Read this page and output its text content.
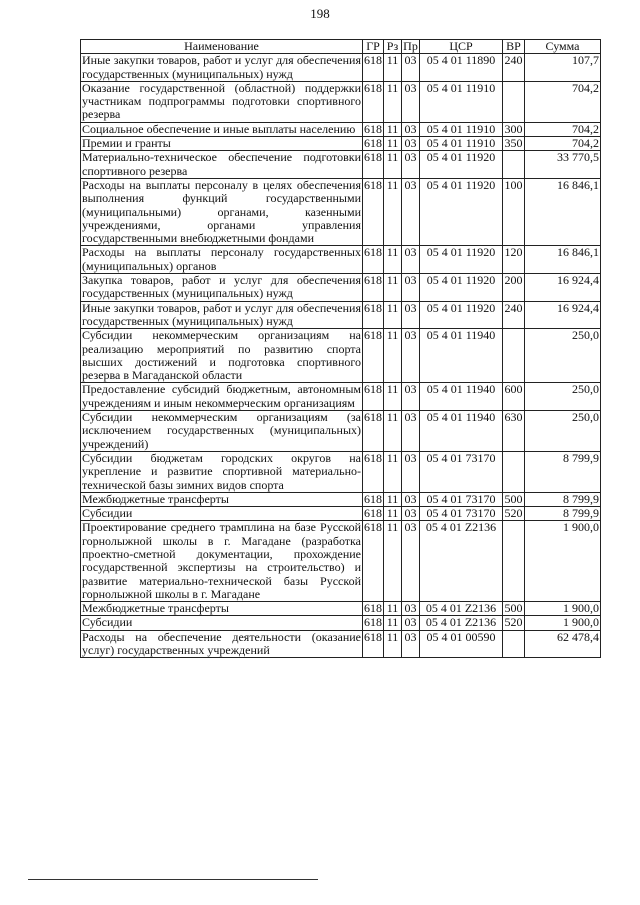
198
Наименование	ГР	Рз	Пр	ЦСР	ВР	Сумма
Иные закупки товаров, работ и услуг для обеспечения государственных (муниципальных) нужд	618	11	03	05 4 01 11890	240	107,7
Оказание государственной (областной) поддержки участникам подпрограммы подготовки спортивного резерва	618	11	03	05 4 01 11910		704,2
Социальное обеспечение и иные выплаты населению	618	11	03	05 4 01 11910	300	704,2
Премии и гранты	618	11	03	05 4 01 11910	350	704,2
Материально-техническое обеспечение подготовки спортивного резерва	618	11	03	05 4 01 11920		33 770,5
Расходы на выплаты персоналу в целях обеспечения выполнения функций государственными (муниципальными) органами, казенными учреждениями, органами управления государственными внебюджетными фондами	618	11	03	05 4 01 11920	100	16 846,1
Расходы на выплаты персоналу государственных (муниципальных) органов	618	11	03	05 4 01 11920	120	16 846,1
Закупка товаров, работ и услуг для обеспечения государственных (муниципальных) нужд	618	11	03	05 4 01 11920	200	16 924,4
Иные закупки товаров, работ и услуг для обеспечения государственных (муниципальных) нужд	618	11	03	05 4 01 11920	240	16 924,4
Субсидии некоммерческим организациям на реализацию мероприятий по развитию спорта высших достижений и подготовка спортивного резерва в Магаданской области	618	11	03	05 4 01 11940		250,0
Предоставление субсидий бюджетным, автономным учреждениям и иным некоммерческим организациям	618	11	03	05 4 01 11940	600	250,0
Субсидии некоммерческим организациям (за исключением государственных (муниципальных) учреждений)	618	11	03	05 4 01 11940	630	250,0
Субсидии бюджетам городских округов на укрепление и развитие спортивной материально-технической базы зимних видов спорта	618	11	03	05 4 01 73170		8 799,9
Межбюджетные трансферты	618	11	03	05 4 01 73170	500	8 799,9
Субсидии	618	11	03	05 4 01 73170	520	8 799,9
Проектирование среднего трамплина на базе Русской горнолыжной школы в г. Магадане (разработка проектно-сметной документации, прохождение государственной экспертизы на строительство) и развитие материально-технической базы Русской горнолыжной школы в г. Магадане	618	11	03	05 4 01 Z2136		1 900,0
Межбюджетные трансферты	618	11	03	05 4 01 Z2136	500	1 900,0
Субсидии	618	11	03	05 4 01 Z2136	520	1 900,0
Расходы на обеспечение деятельности (оказание услуг) государственных учреждений	618	11	03	05 4 01 00590		62 478,4
